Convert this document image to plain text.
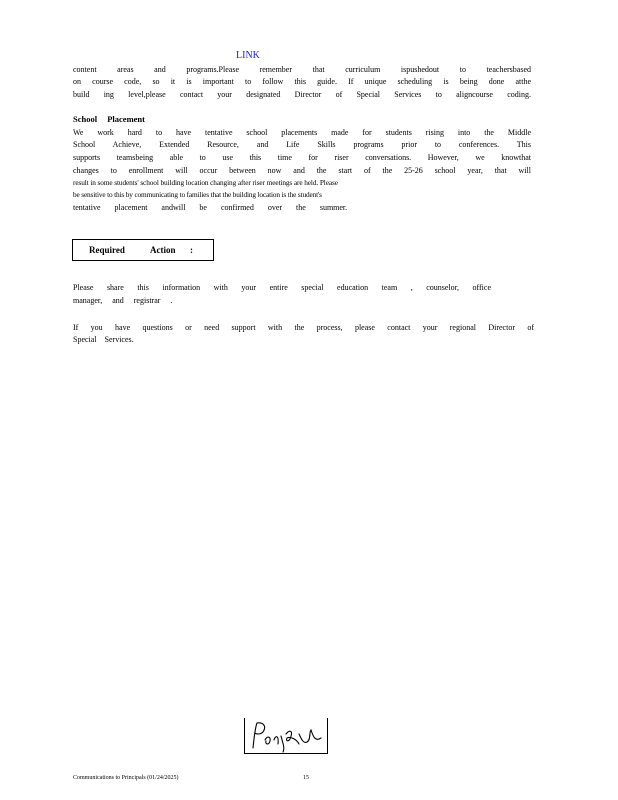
LINK
content areas and programs.Please remember that curriculum ispushedout to teachersbased
on course code, so it is important to follow this guide. If unique scheduling is being done atthe
build ing level,please contact your designated Director of Special Services to aligncourse coding.
School Placement
We work hard to have tentative school placements made for students rising into the Middle
School Achieve, Extended Resource, and Life Skills programs prior to conferences. This
supports teamsbeing able to use this time for riser conversations. However, we knowthat
changes to enrollment will occur between now and the start of the 25-26 school year, that will
result in some students' school building location changing after riser meetings are held. Please
be sensitive to this by communicating to families that the building location is the student's
tentative placement andwill be confirmed over the summer.
Required	Action :
Please share this information with your entire special education team , counselor, office
manager, and registrar .
If you have questions or need support with the process, please contact your regional Director of
Special Services.
Communications to Principals (01/24/2025)	15
